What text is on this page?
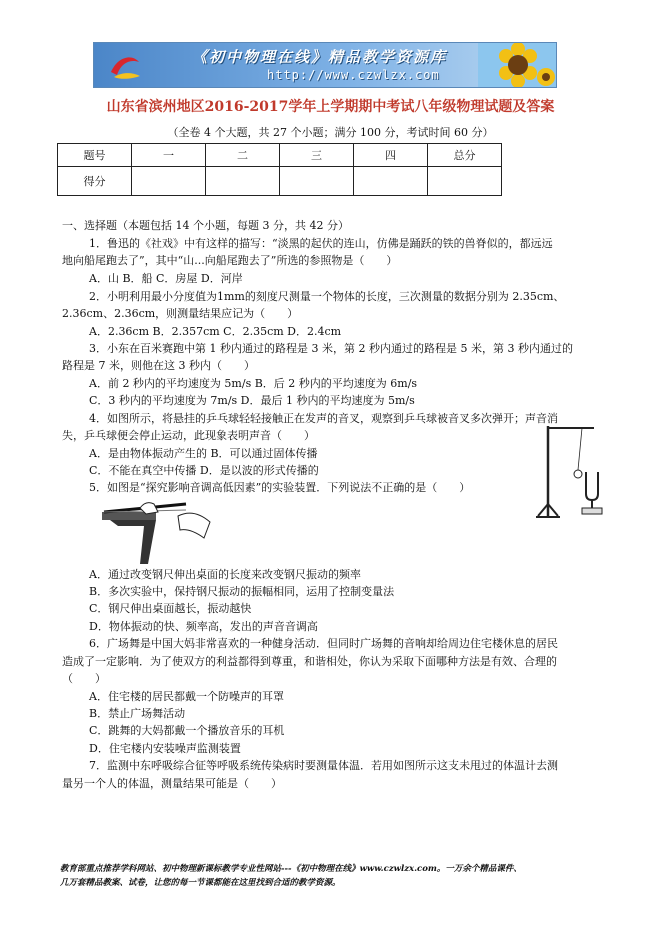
《初中物理在线》精品教学资源库
http://www.czwlzx.com
山东省滨州地区2016-2017学年上学期期中考试八年级物理试题及答案
（全卷 4 个大题，共 27 个小题；满分 100 分，考试时间 60 分）
题号	一	二	三	四	总分
得分					
一、选择题（本题包括 14 个小题，每题 3 分，共 42 分）
1．鲁迅的《社戏》中有这样的描写：“淡黑的起伏的连山，仿佛是踊跃的铁的兽脊似的，都远远
地向船尾跑去了”，其中“山...向船尾跑去了”所选的参照物是（　　）
A．山 B．船 C．房屋 D．河岸
2．小明利用最小分度值为1mm的刻度尺测量一个物体的长度，三次测量的数据分别为 2.35cm、
2.36cm、2.36cm，则测量结果应记为（　　）
A．2.36cm B．2.357cm C．2.35cm D．2.4cm
3．小东在百米赛跑中第 1 秒内通过的路程是 3 米，第 2 秒内通过的路程是 5 米，第 3 秒内通过的
路程是 7 米，则他在这 3 秒内（　　）
A．前 2 秒内的平均速度为 5m/s B．后 2 秒内的平均速度为 6m/s
C．3 秒内的平均速度为 7m/s D．最后 1 秒内的平均速度为 5m/s
4．如图所示，将悬挂的乒乓球轻轻接触正在发声的音叉，观察到乒乓球被音叉多次弹开；声音消
失，乒乓球便会停止运动，此现象表明声音（　　）
A．是由物体振动产生的 B．可以通过固体传播
C．不能在真空中传播 D．是以波的形式传播的
5．如图是“探究影响音调高低因素”的实验装置．下列说法不正确的是（　　）
A．通过改变钢尺伸出桌面的长度来改变钢尺振动的频率
B．多次实验中，保持钢尺振动的振幅相同，运用了控制变量法
C．钢尺伸出桌面越长，振动越快
D．物体振动的快、频率高，发出的声音音调高
6．广场舞是中国大妈非常喜欢的一种健身活动．但同时广场舞的音响却给周边住宅楼休息的居民
造成了一定影响．为了使双方的利益都得到尊重，和谐相处，你认为采取下面哪种方法是有效、合理的
（　　）
A．住宅楼的居民都戴一个防噪声的耳罩
B．禁止广场舞活动
C．跳舞的大妈都戴一个播放音乐的耳机
D．住宅楼内安装噪声监测装置
7．监测中东呼吸综合征等呼吸系统传染病时要测量体温．若用如图所示这支未甩过的体温计去测
量另一个人的体温，测量结果可能是（　　）
教育部重点推荐学科网站、初中物理新课标教学专业性网站---《初中物理在线》www.czwlzx.com。一万余个精品课件、
几万套精品教案、试卷，让您的每一节课都能在这里找到合适的教学资源。
